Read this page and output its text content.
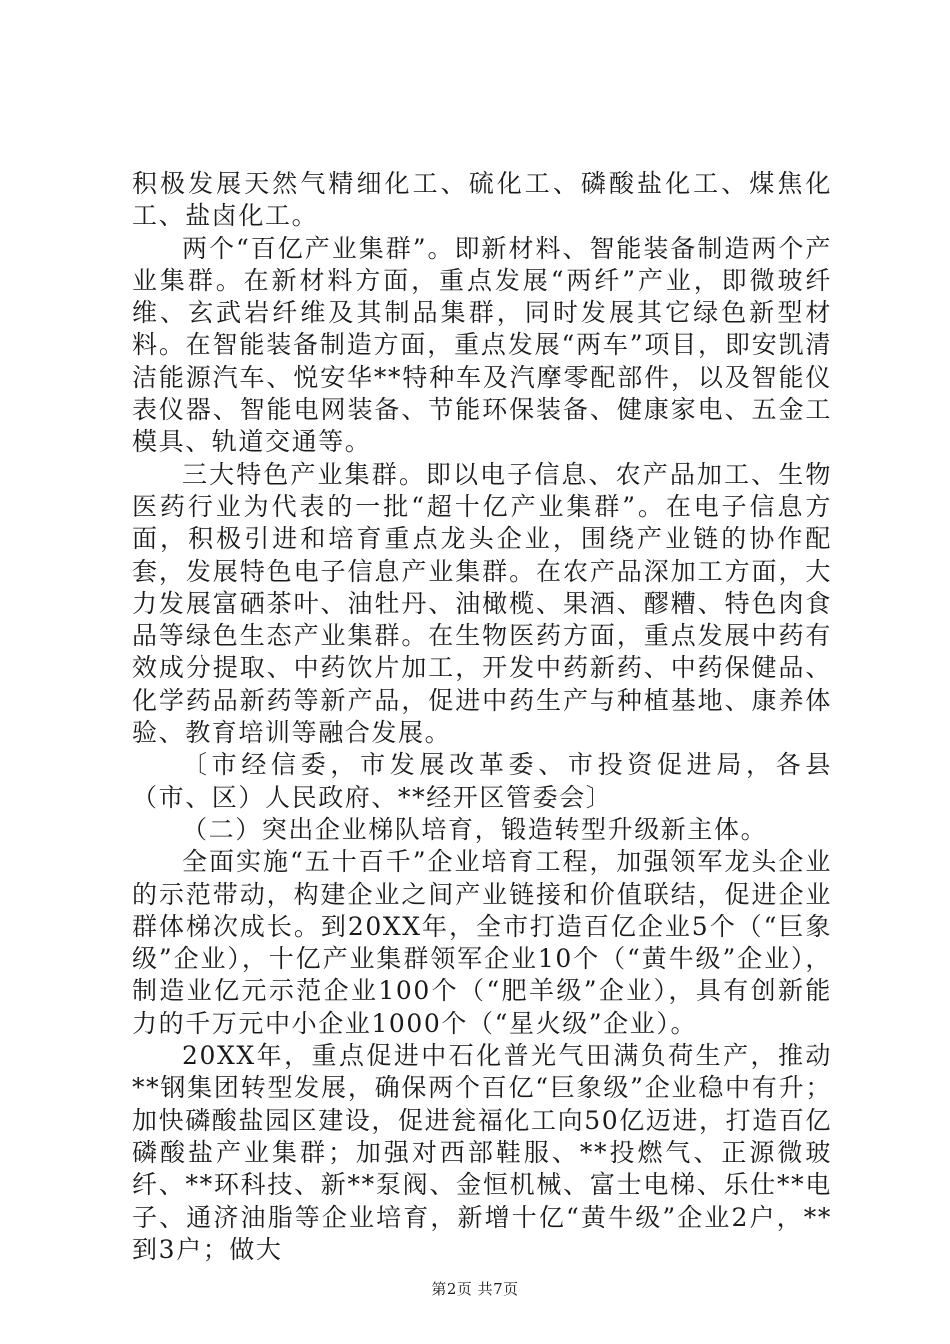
积极发展天然气精细化工、硫化工、磷酸盐化工、煤焦化工、盐卤化工。

两个“百亿产业集群”。即新材料、智能装备制造两个产业集群。在新材料方面，重点发展“两纤”产业，即微玻纤维、玄武岩纤维及其制品集群，同时发展其它绿色新型材料。在智能装备制造方面，重点发展“两车”项目，即安凯清洁能源汽车、悦安华**特种车及汽摩零配部件，以及智能仪表仪器、智能电网装备、节能环保装备、健康家电、五金工模具、轨道交通等。

三大特色产业集群。即以电子信息、农产品加工、生物医药行业为代表的一批“超十亿产业集群”。在电子信息方面，积极引进和培育重点龙头企业，围绕产业链的协作配套，发展特色电子信息产业集群。在农产品深加工方面，大力发展富硒茶叶、油牡丹、油橄榄、果酒、醪糟、特色肉食品等绿色生态产业集群。在生物医药方面，重点发展中药有效成分提取、中药饮片加工，开发中药新药、中药保健品、化学药品新药等新产品，促进中药生产与种植基地、康养体验、教育培训等融合发展。

〔市经信委，市发展改革委、市投资促进局，各县（市、区）人民政府、**经开区管委会〕

（二）突出企业梯队培育，锻造转型升级新主体。

全面实施“五十百千”企业培育工程，加强领军龙头企业的示范带动，构建企业之间产业链接和价值联结，促进企业群体梯次成长。到20XX年，全市打造百亿企业5个（“巨象级”企业），十亿产业集群领军企业10个（“黄牛级”企业），制造业亿元示范企业100个（“肥羊级”企业），具有创新能力的千万元中小企业1000个（“星火级”企业）。

20XX年，重点促进中石化普光气田满负荷生产，推动**钢集团转型发展，确保两个百亿“巨象级”企业稳中有升；加快磷酸盐园区建设，促进瓮福化工向50亿迈进，打造百亿磷酸盐产业集群；加强对西部鞋服、**投燃气、正源微玻纤、**环科技、新**泵阀、金恒机械、富士电梯、乐仕**电子、通济油脂等企业培育，新增十亿“黄牛级”企业2户，**到3户；做大

第2页 共7页
